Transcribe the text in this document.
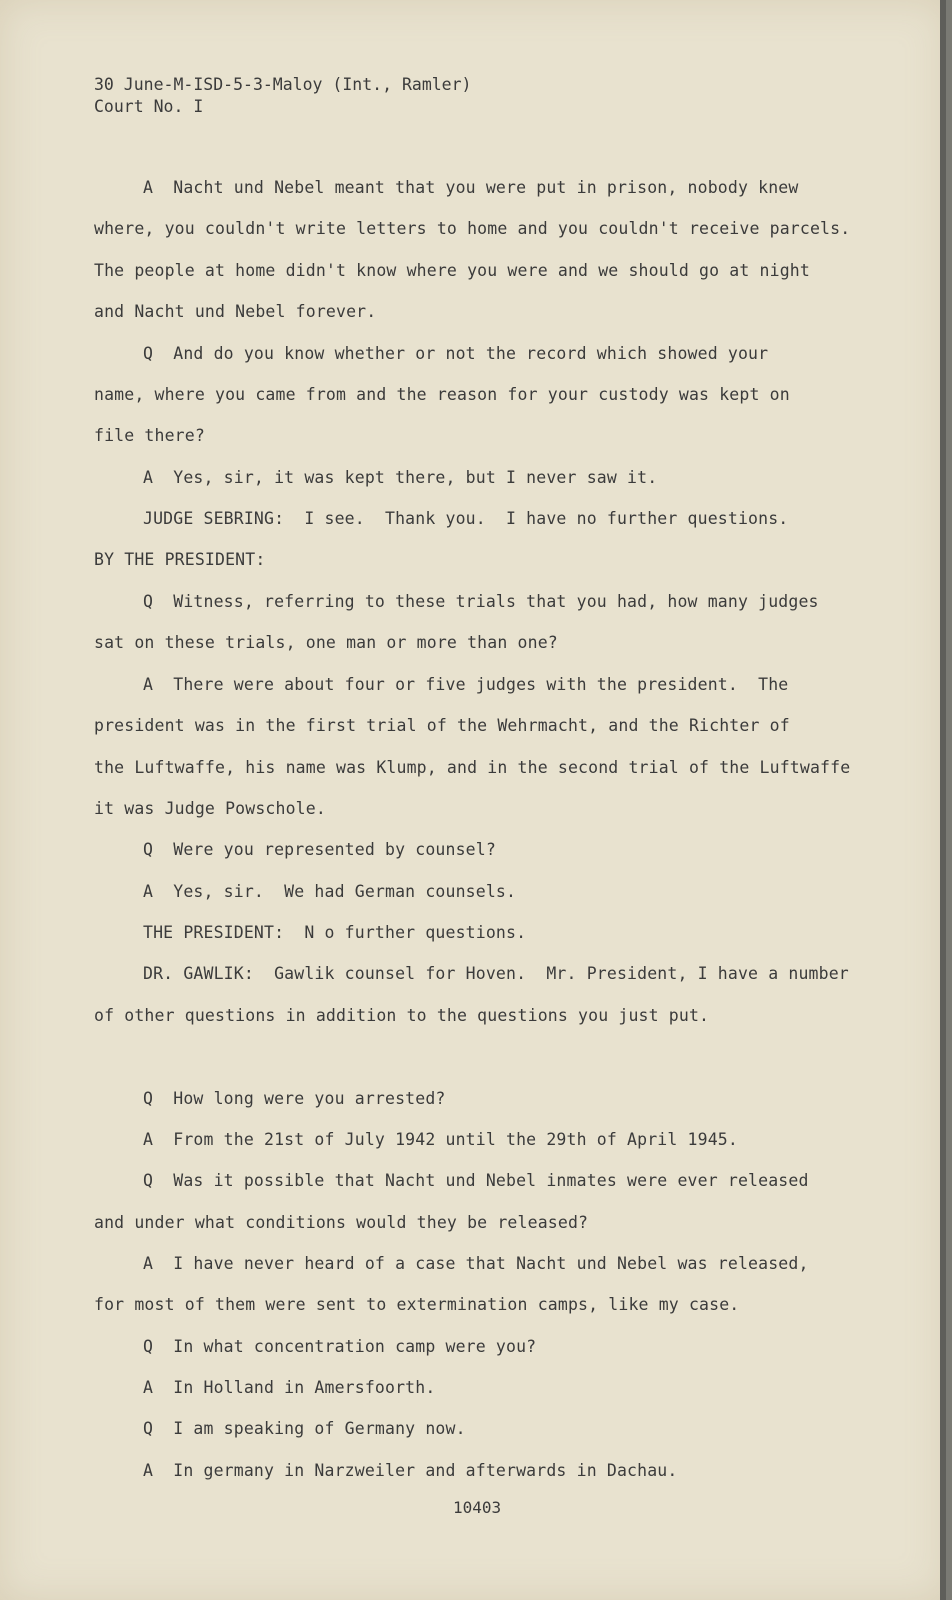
30 June-M-ISD-5-3-Maloy (Int., Ramler)
Court No. I
A  Nacht und Nebel meant that you were put in prison, nobody knew
where, you couldn't write letters to home and you couldn't receive parcels.
The people at home didn't know where you were and we should go at night
and Nacht und Nebel forever.
Q  And do you know whether or not the record which showed your
name, where you came from and the reason for your custody was kept on
file there?
A  Yes, sir, it was kept there, but I never saw it.
JUDGE SEBRING:  I see.  Thank you.  I have no further questions.
BY THE PRESIDENT:
Q  Witness, referring to these trials that you had, how many judges
sat on these trials, one man or more than one?
A  There were about four or five judges with the president.  The
president was in the first trial of the Wehrmacht, and the Richter of
the Luftwaffe, his name was Klump, and in the second trial of the Luftwaffe
it was Judge Powschole.
Q  Were you represented by counsel?
A  Yes, sir.  We had German counsels.
THE PRESIDENT:  N o further questions.
DR. GAWLIK:  Gawlik counsel for Hoven.  Mr. President, I have a number
of other questions in addition to the questions you just put.
Q  How long were you arrested?
A  From the 21st of July 1942 until the 29th of April 1945.
Q  Was it possible that Nacht und Nebel inmates were ever released
and under what conditions would they be released?
A  I have never heard of a case that Nacht und Nebel was released,
for most of them were sent to extermination camps, like my case.
Q  In what concentration camp were you?
A  In Holland in Amersfoorth.
Q  I am speaking of Germany now.
A  In germany in Narzweiler and afterwards in Dachau.
10403
